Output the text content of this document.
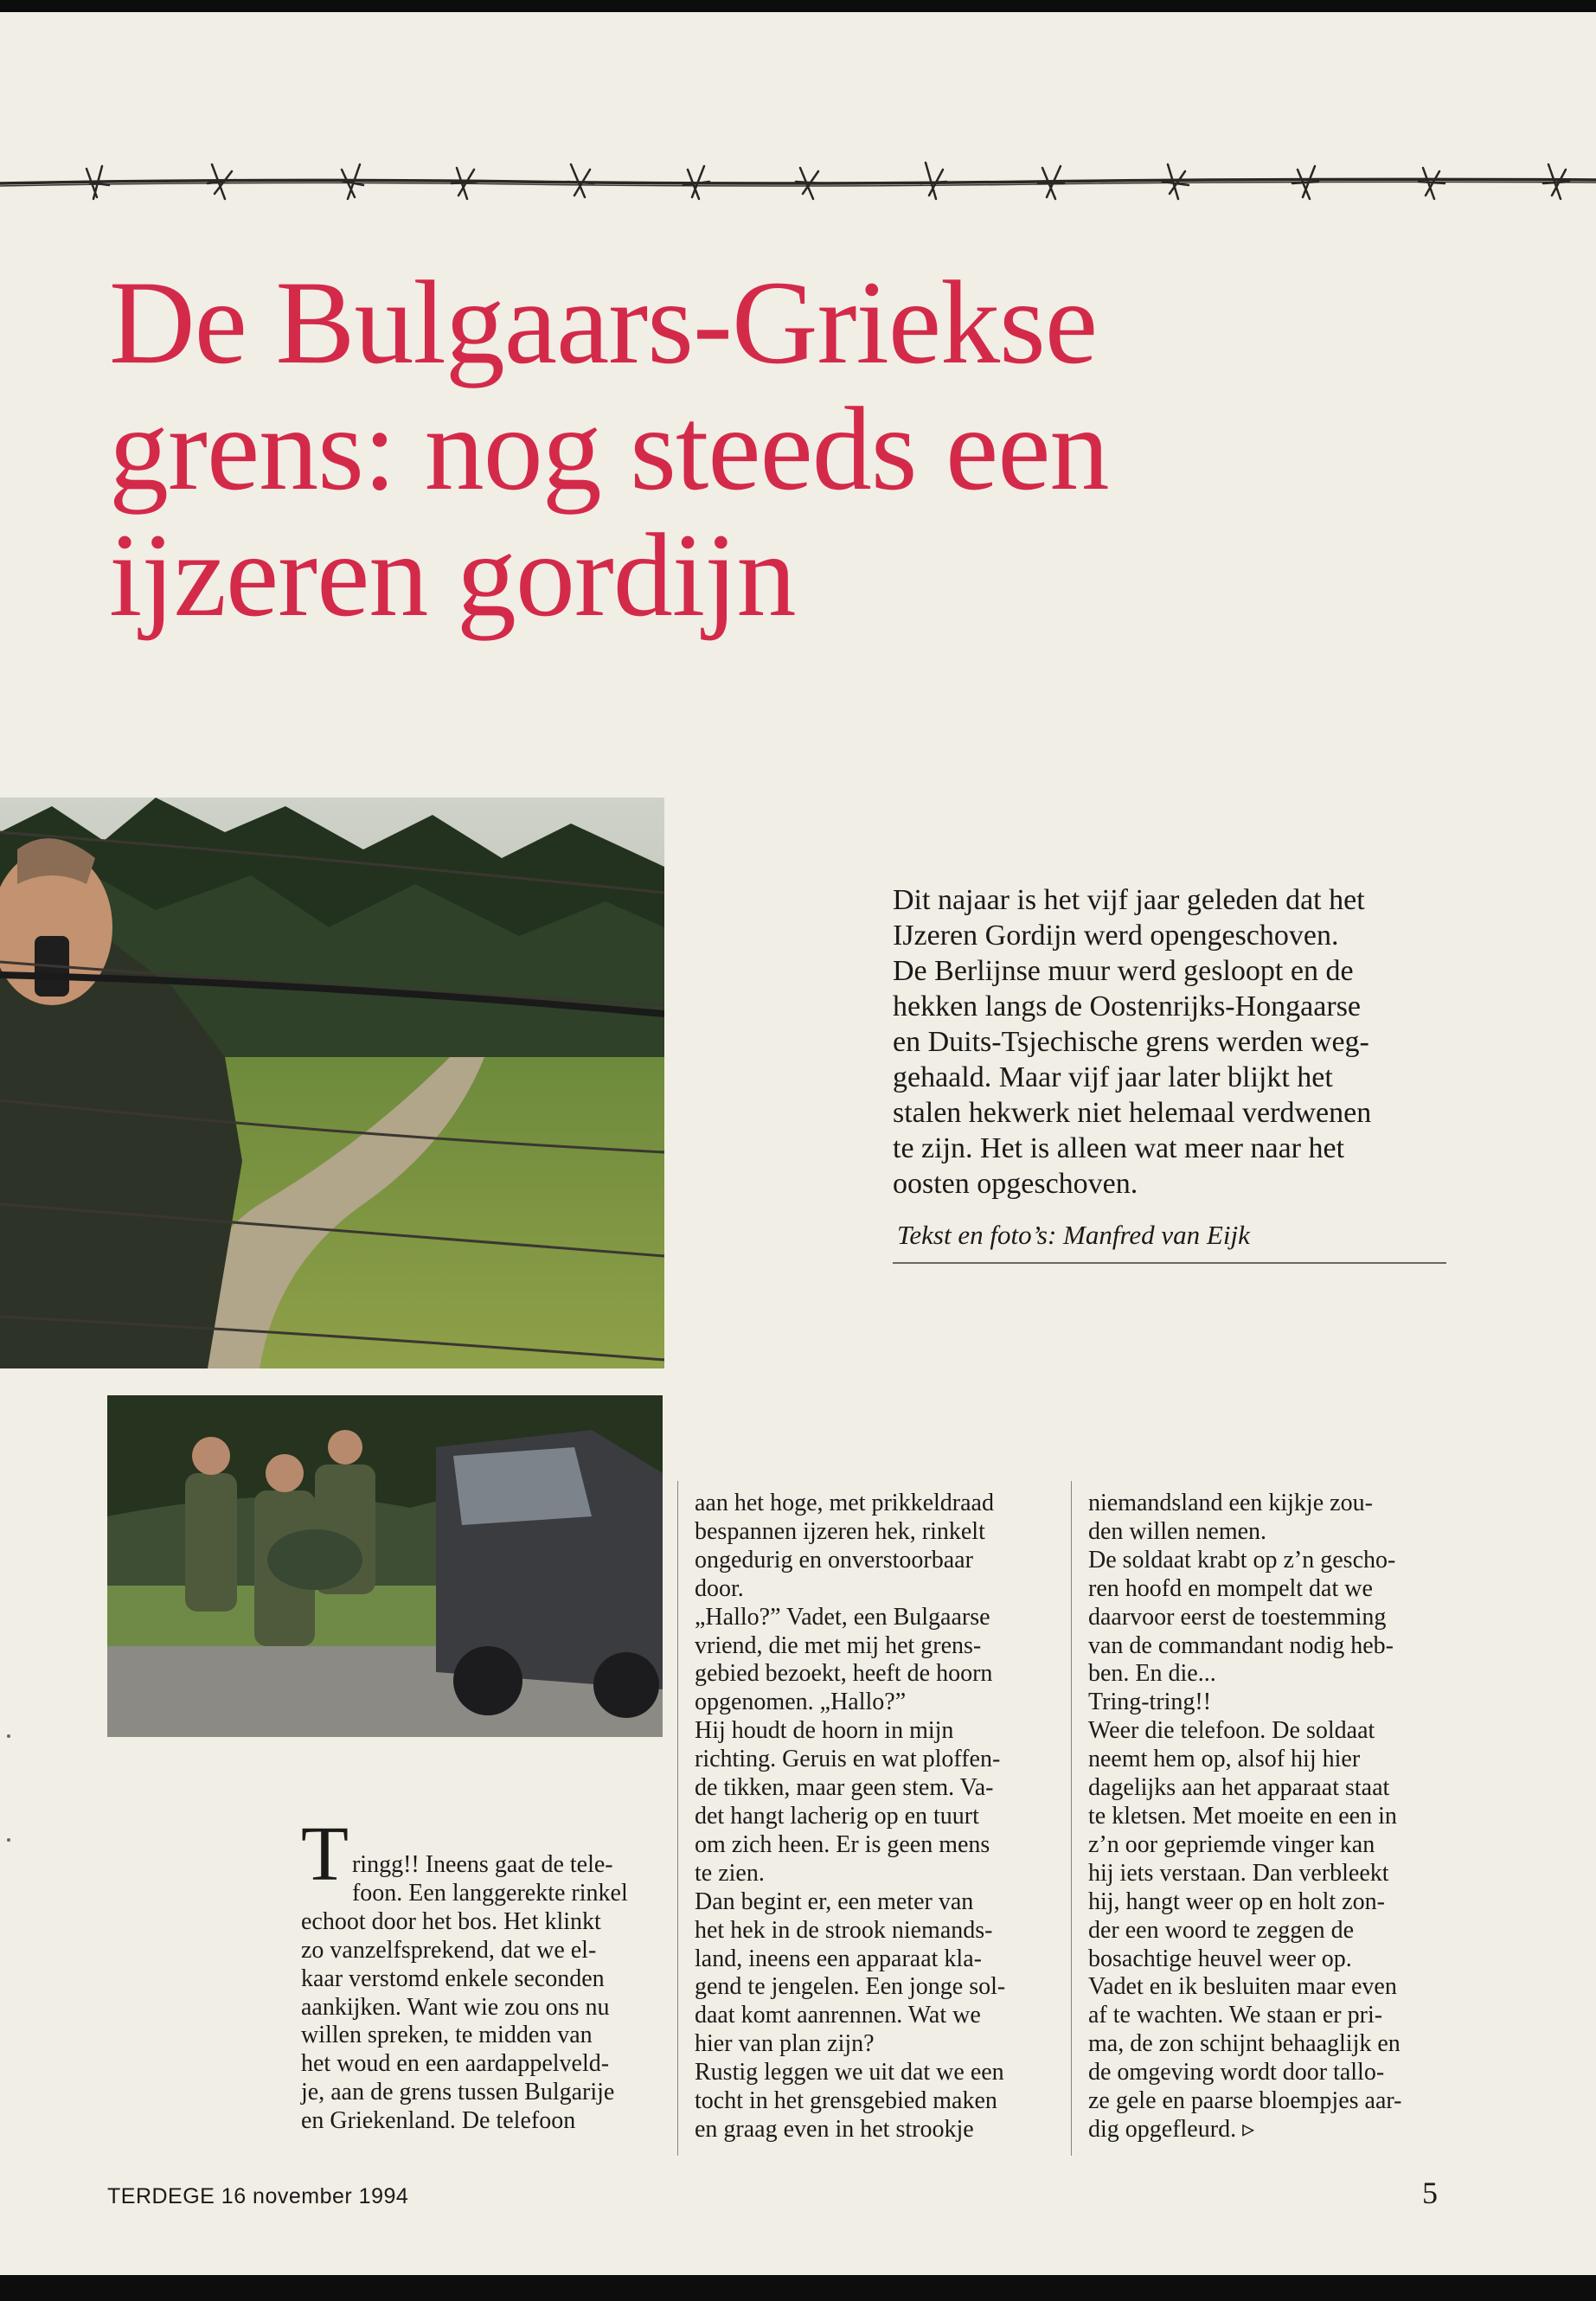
De Bulgaars-Griekse
grens: nog steeds een
ijzeren gordijn

Dit najaar is het vijf jaar geleden dat het
IJzeren Gordijn werd opengeschoven.
De Berlijnse muur werd gesloopt en de
hekken langs de Oostenrijks-Hongaarse
en Duits-Tsjechische grens werden weg-
gehaald. Maar vijf jaar later blijkt het
stalen hekwerk niet helemaal verdwenen
te zijn. Het is alleen wat meer naar het
oosten opgeschoven.

Tekst en foto’s: Manfred van Eijk
T ringg!! Ineens gaat de tele-
foon. Een langgerekte rinkel
echoot door het bos. Het klinkt
zo vanzelfsprekend, dat we el-
kaar verstomd enkele seconden
aankijken. Want wie zou ons nu
willen spreken, te midden van
het woud en een aardappelveld-
je, aan de grens tussen Bulgarije
en Griekenland. De telefoon
aan het hoge, met prikkeldraad
bespannen ijzeren hek, rinkelt
ongedurig en onverstoorbaar
door.
„Hallo?” Vadet, een Bulgaarse
vriend, die met mij het grens-
gebied bezoekt, heeft de hoorn
opgenomen. „Hallo?”
Hij houdt de hoorn in mijn
richting. Geruis en wat ploffen-
de tikken, maar geen stem. Va-
det hangt lacherig op en tuurt
om zich heen. Er is geen mens
te zien.
Dan begint er, een meter van
het hek in de strook niemands-
land, ineens een apparaat kla-
gend te jengelen. Een jonge sol-
daat komt aanrennen. Wat we
hier van plan zijn?
Rustig leggen we uit dat we een
tocht in het grensgebied maken
en graag even in het strookje
niemandsland een kijkje zou-
den willen nemen.
De soldaat krabt op z’n gescho-
ren hoofd en mompelt dat we
daarvoor eerst de toestemming
van de commandant nodig heb-
ben. En die...
Tring-tring!!
Weer die telefoon. De soldaat
neemt hem op, alsof hij hier
dagelijks aan het apparaat staat
te kletsen. Met moeite en een in
z’n oor gepriemde vinger kan
hij iets verstaan. Dan verbleekt
hij, hangt weer op en holt zon-
der een woord te zeggen de
bosachtige heuvel weer op.
Vadet en ik besluiten maar even
af te wachten. We staan er pri-
ma, de zon schijnt behaaglijk en
de omgeving wordt door tallo-
ze gele en paarse bloempjes aar-
dig opgefleurd. ▹
TERDEGE 16 november 1994	5
